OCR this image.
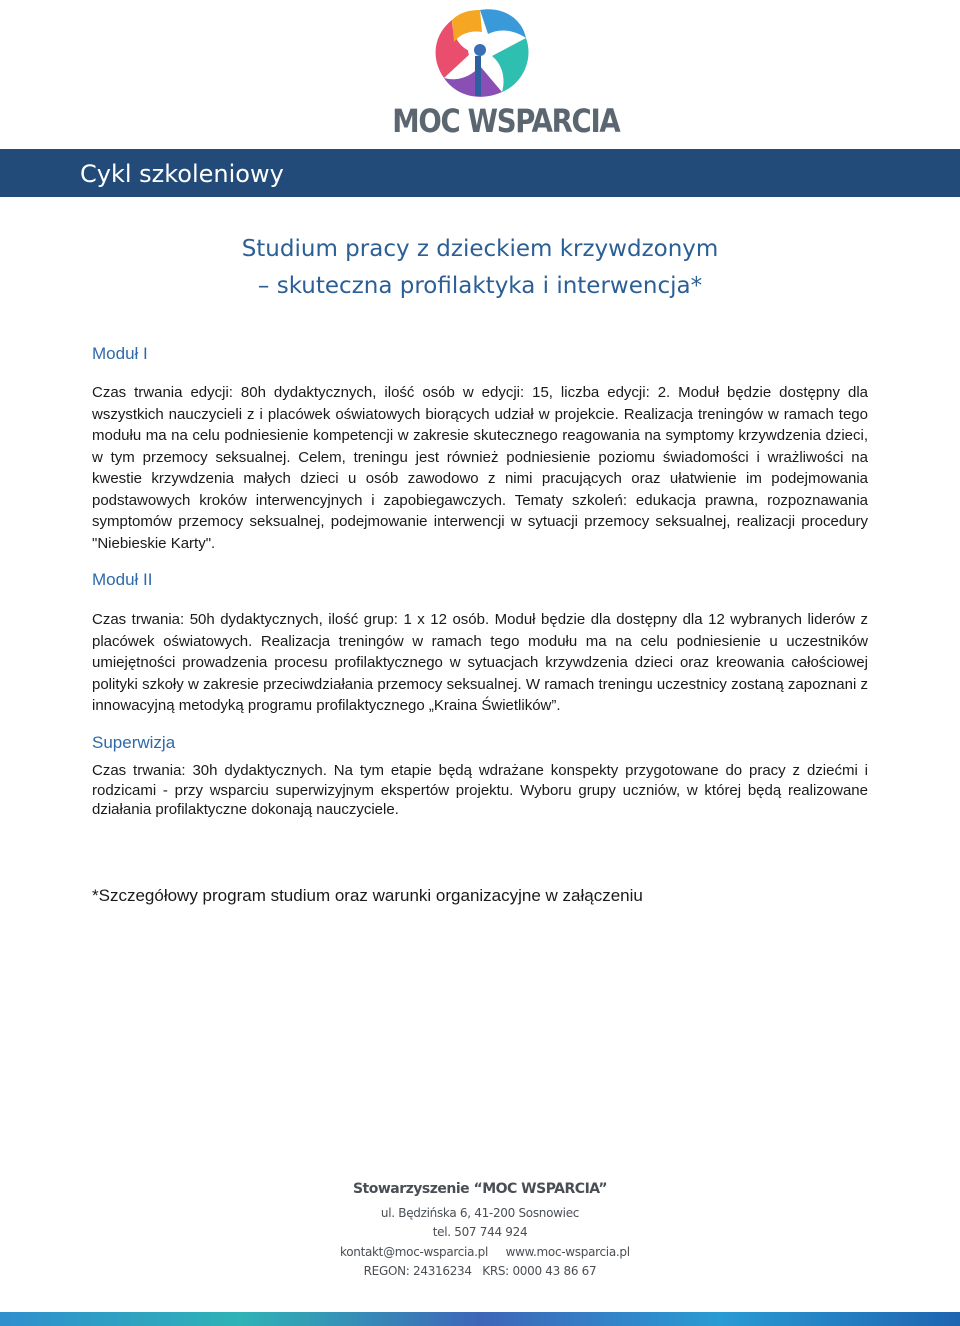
MOC WSPARCIA
Cykl szkoleniowy
Studium pracy z dzieckiem krzywdzonym
– skuteczna profilaktyka i interwencja*
Moduł I
Czas trwania edycji: 80h dydaktycznych, ilość osób w edycji: 15, liczba edycji: 2. Moduł będzie dostępny dla wszystkich nauczycieli z i placówek oświatowych biorących udział w projekcie. Realizacja treningów w ramach tego modułu ma na celu podniesienie kompetencji w zakresie skutecznego reagowania na symptomy krzywdzenia dzieci, w tym przemocy seksualnej. Celem, treningu jest również podniesienie poziomu świadomości i wrażliwości na kwestie krzywdzenia małych dzieci u osób zawodowo z nimi pracujących oraz ułatwienie im podejmowania podstawowych kroków interwencyjnych i zapobiegawczych. Tematy szkoleń: edukacja prawna, rozpoznawania symptomów przemocy seksualnej, podejmowanie interwencji w sytuacji przemocy seksualnej, realizacji procedury "Niebieskie Karty".
Moduł II
Czas trwania: 50h dydaktycznych, ilość grup: 1 x 12 osób. Moduł będzie dla dostępny dla 12 wybranych liderów z placówek oświatowych. Realizacja treningów w ramach tego modułu ma na celu podniesienie u uczestników umiejętności prowadzenia procesu profilaktycznego w sytuacjach krzywdzenia dzieci oraz kreowania całościowej polityki szkoły w zakresie przeciwdziałania przemocy seksualnej. W ramach treningu uczestnicy zostaną zapoznani z innowacyjną metodyką programu profilaktycznego „Kraina Świetlików”.
Superwizja
Czas trwania: 30h dydaktycznych. Na tym etapie będą wdrażane konspekty przygotowane do pracy z dziećmi i rodzicami - przy wsparciu superwizyjnym ekspertów projektu. Wyboru grupy uczniów, w której będą realizowane działania profilaktyczne dokonają nauczyciele.
*Szczegółowy program studium oraz warunki organizacyjne w załączeniu
Stowarzyszenie “MOC WSPARCIA”
ul. Będzińska 6, 41-200 Sosnowiec
tel. 507 744 924
kontakt@moc-wsparcia.pl     www.moc-wsparcia.pl
REGON: 24316234   KRS: 0000 43 86 67
